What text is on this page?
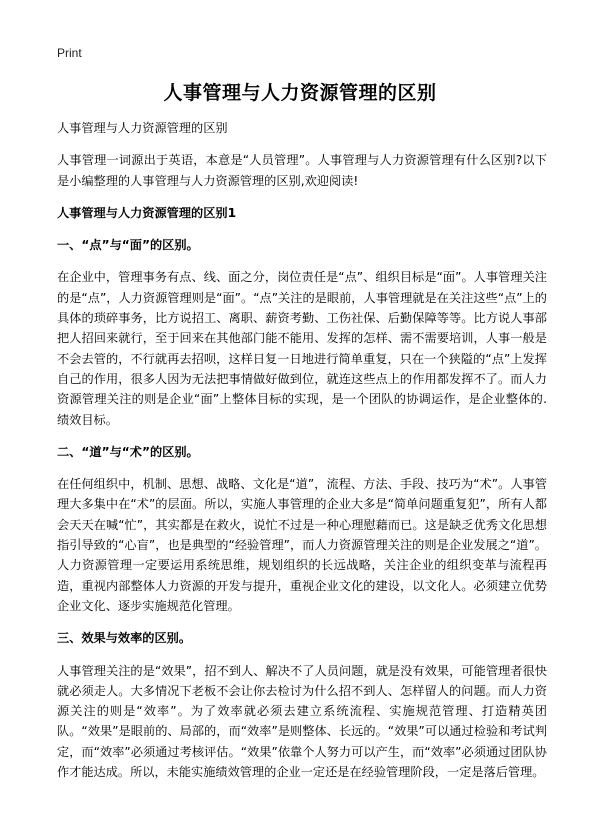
Print
人事管理与人力资源管理的区别

人事管理与人力资源管理的区别

人事管理一词源出于英语，本意是“人员管理”。人事管理与人力资源管理有什么区别?以下是小编整理的人事管理与人力资源管理的区别,欢迎阅读!

人事管理与人力资源管理的区别1

一、“点”与“面”的区别。

在企业中，管理事务有点、线、面之分，岗位责任是“点”、组织目标是“面”。人事管理关注的是“点”，人力资源管理则是“面”。“点”关注的是眼前，人事管理就是在关注这些“点”上的具体的琐碎事务，比方说招工、离职、薪资考勤、工伤社保、后勤保障等等。比方说人事部把人招回来就行，至于回来在其他部门能不能用、发挥的怎样、需不需要培训，人事一般是不会去管的，不行就再去招呗，这样日复一日地进行简单重复，只在一个狭隘的“点”上发挥自己的作用，很多人因为无法把事情做好做到位，就连这些点上的作用都发挥不了。而人力资源管理关注的则是企业“面”上整体目标的实现，是一个团队的协调运作，是企业整体的.绩效目标。

二、“道”与“术”的区别。

在任何组织中，机制、思想、战略、文化是“道”，流程、方法、手段、技巧为“术”。人事管理大多集中在“术”的层面。所以，实施人事管理的企业大多是“简单问题重复犯”，所有人都会天天在喊“忙”，其实都是在救火，说忙不过是一种心理慰藉而已。这是缺乏优秀文化思想指引导致的“心盲”，也是典型的“经验管理”，而人力资源管理关注的则是企业发展之“道”。人力资源管理一定要运用系统思维，规划组织的长远战略，关注企业的组织变革与流程再造，重视内部整体人力资源的开发与提升，重视企业文化的建设，以文化人。必须建立优势企业文化、逐步实施规范化管理。

三、效果与效率的区别。

人事管理关注的是“效果”，招不到人、解决不了人员问题，就是没有效果，可能管理者很快就必须走人。大多情况下老板不会让你去检讨为什么招不到人、怎样留人的问题。而人力资源关注的则是“效率”。为了效率就必须去建立系统流程、实施规范管理、打造精英团队。“效果”是眼前的、局部的，而“效率”是则整体、长远的。“效果”可以通过检验和考试判定，而“效率”必须通过考核评估。“效果”依靠个人努力可以产生，而“效率”必须通过团队协作才能达成。所以，未能实施绩效管理的企业一定还是在经验管理阶段，一定是落后管理。
